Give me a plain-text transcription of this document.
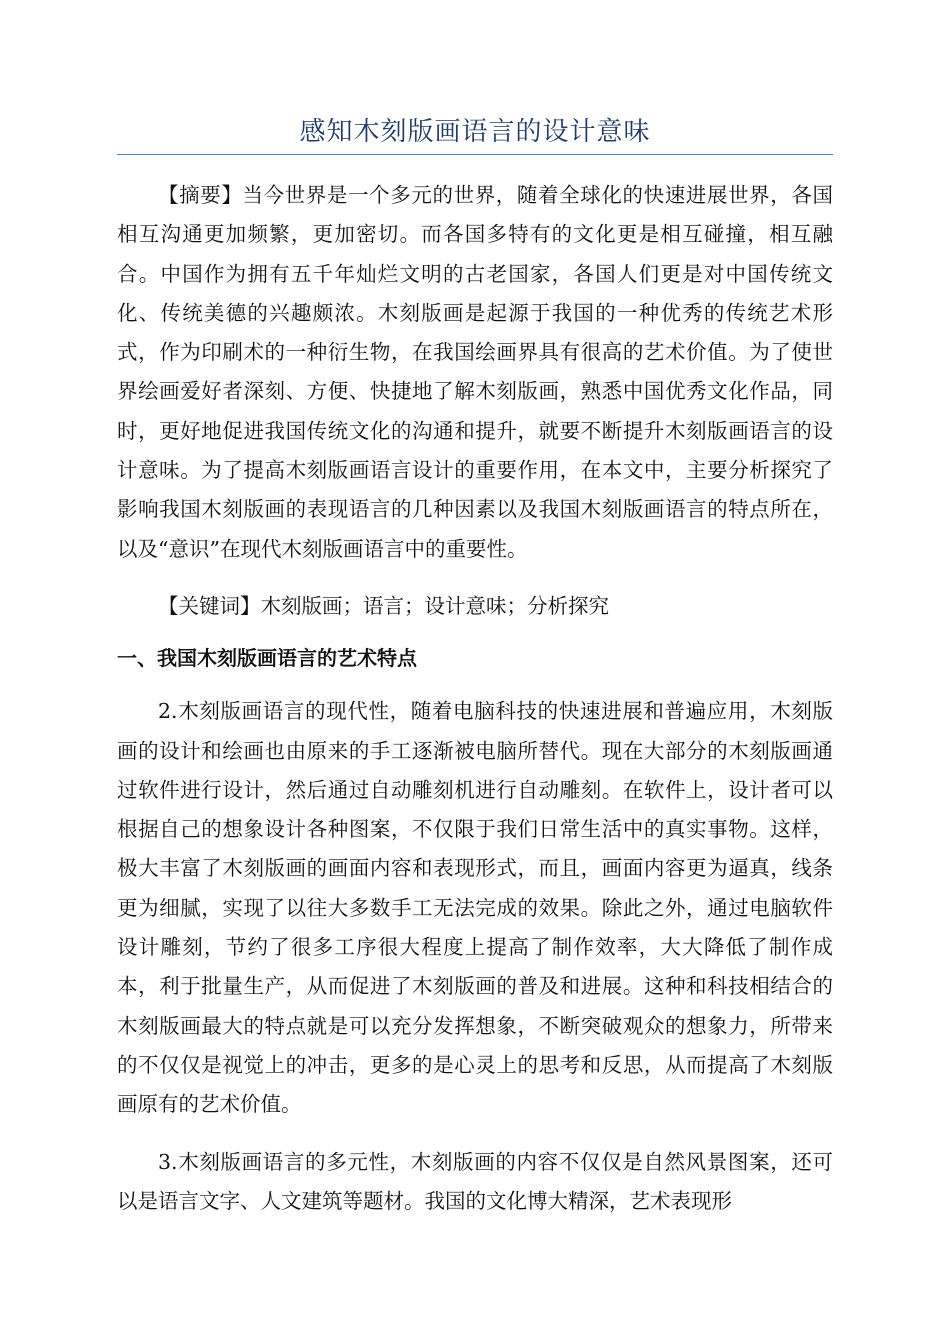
感知木刻版画语言的设计意味

【摘要】当今世界是一个多元的世界，随着全球化的快速进展世界，各国相互沟通更加频繁，更加密切。而各国多特有的文化更是相互碰撞，相互融合。中国作为拥有五千年灿烂文明的古老国家，各国人们更是对中国传统文化、传统美德的兴趣颇浓。木刻版画是起源于我国的一种优秀的传统艺术形式，作为印刷术的一种衍生物，在我国绘画界具有很高的艺术价值。为了使世界绘画爱好者深刻、方便、快捷地了解木刻版画，熟悉中国优秀文化作品，同时，更好地促进我国传统文化的沟通和提升，就要不断提升木刻版画语言的设计意味。为了提高木刻版画语言设计的重要作用，在本文中，主要分析探究了影响我国木刻版画的表现语言的几种因素以及我国木刻版画语言的特点所在，以及“意识”在现代木刻版画语言中的重要性。

【关键词】木刻版画；语言；设计意味；分析探究

一、我国木刻版画语言的艺术特点

2.木刻版画语言的现代性，随着电脑科技的快速进展和普遍应用，木刻版画的设计和绘画也由原来的手工逐渐被电脑所替代。现在大部分的木刻版画通过软件进行设计，然后通过自动雕刻机进行自动雕刻。在软件上，设计者可以根据自己的想象设计各种图案，不仅限于我们日常生活中的真实事物。这样，极大丰富了木刻版画的画面内容和表现形式，而且，画面内容更为逼真，线条更为细腻，实现了以往大多数手工无法完成的效果。除此之外，通过电脑软件设计雕刻，节约了很多工序很大程度上提高了制作效率，大大降低了制作成本，利于批量生产，从而促进了木刻版画的普及和进展。这种和科技相结合的木刻版画最大的特点就是可以充分发挥想象，不断突破观众的想象力，所带来的不仅仅是视觉上的冲击，更多的是心灵上的思考和反思，从而提高了木刻版画原有的艺术价值。

3.木刻版画语言的多元性，木刻版画的内容不仅仅是自然风景图案，还可以是语言文字、人文建筑等题材。我国的文化博大精深，艺术表现形
